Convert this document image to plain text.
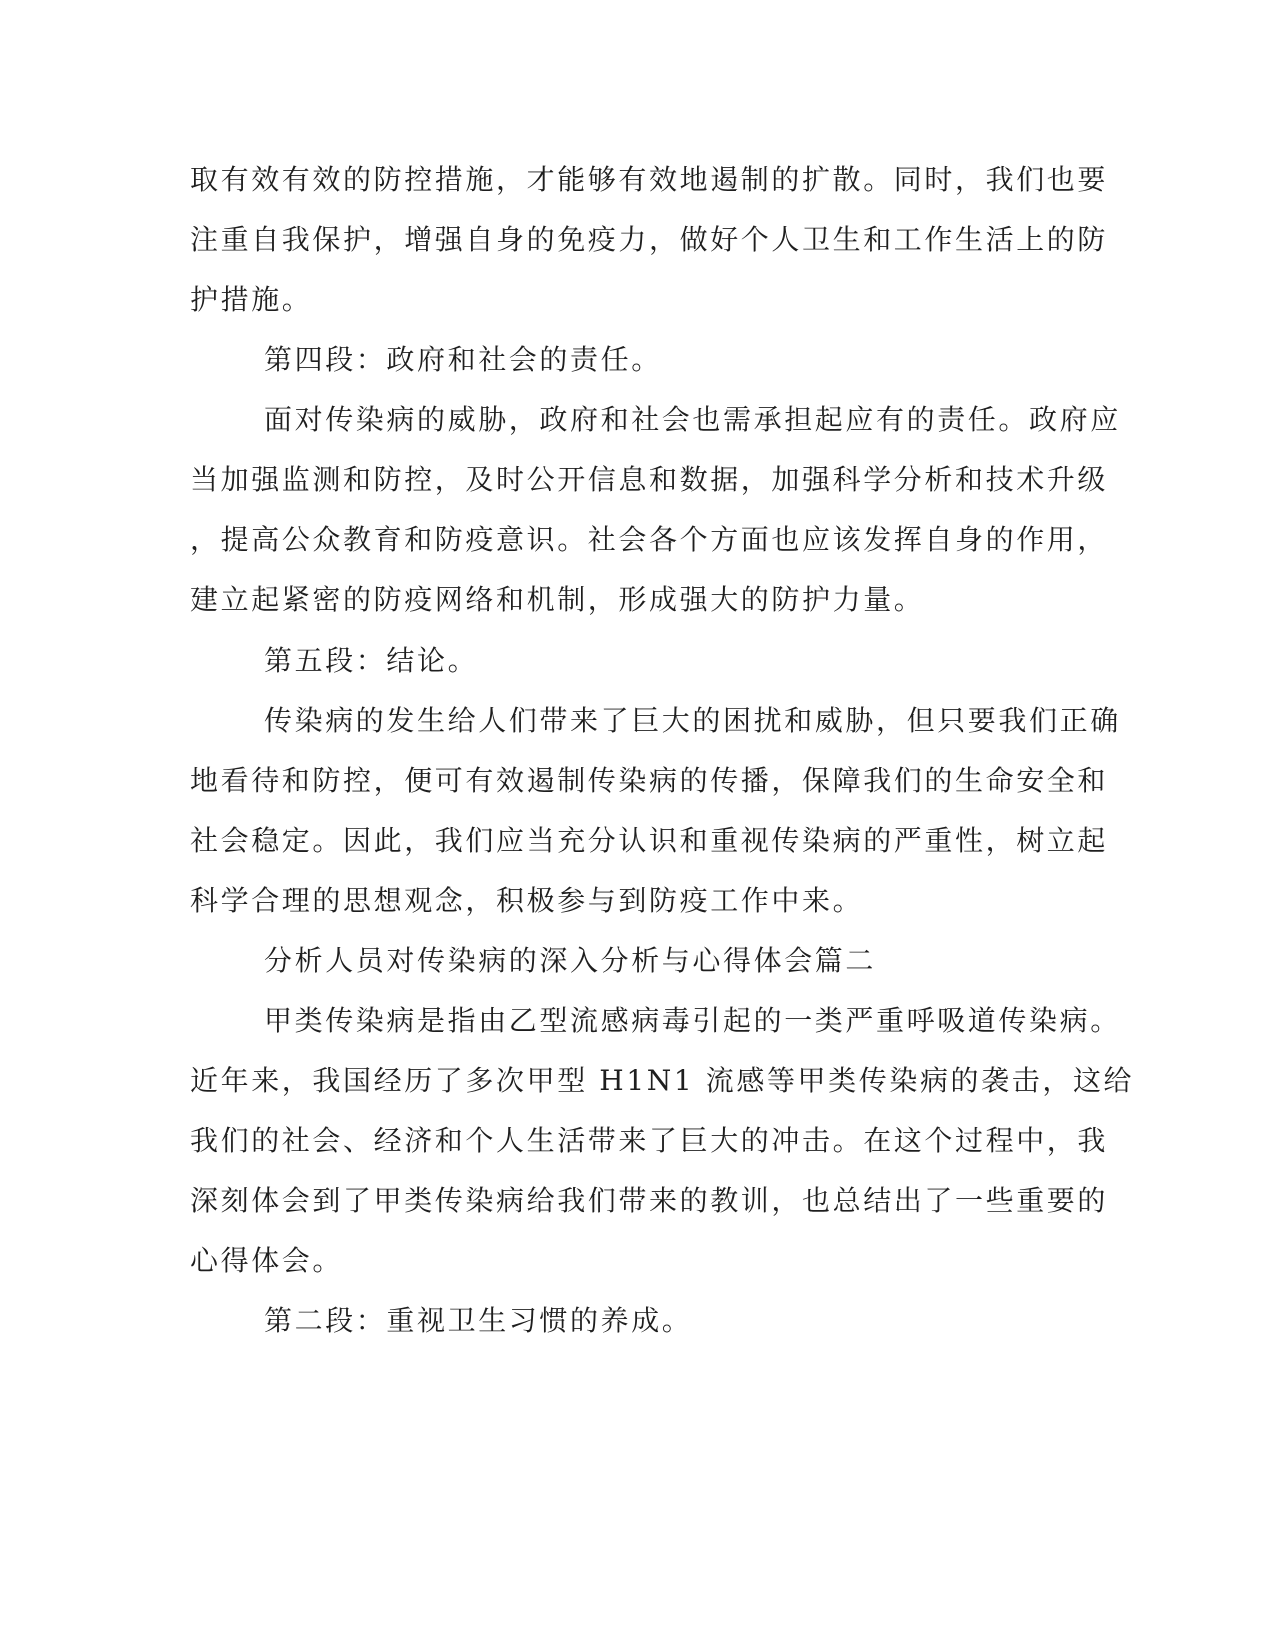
取有效有效的防控措施，才能够有效地遏制的扩散。同时，我们也要
注重自我保护，增强自身的免疫力，做好个人卫生和工作生活上的防
护措施。
第四段：政府和社会的责任。
面对传染病的威胁，政府和社会也需承担起应有的责任。政府应
当加强监测和防控，及时公开信息和数据，加强科学分析和技术升级
，提高公众教育和防疫意识。社会各个方面也应该发挥自身的作用，
建立起紧密的防疫网络和机制，形成强大的防护力量。
第五段：结论。
传染病的发生给人们带来了巨大的困扰和威胁，但只要我们正确
地看待和防控，便可有效遏制传染病的传播，保障我们的生命安全和
社会稳定。因此，我们应当充分认识和重视传染病的严重性，树立起
科学合理的思想观念，积极参与到防疫工作中来。
分析人员对传染病的深入分析与心得体会篇二
甲类传染病是指由乙型流感病毒引起的一类严重呼吸道传染病。
近年来，我国经历了多次甲型 H1N1 流感等甲类传染病的袭击，这给
我们的社会、经济和个人生活带来了巨大的冲击。在这个过程中，我
深刻体会到了甲类传染病给我们带来的教训，也总结出了一些重要的
心得体会。
第二段：重视卫生习惯的养成。
